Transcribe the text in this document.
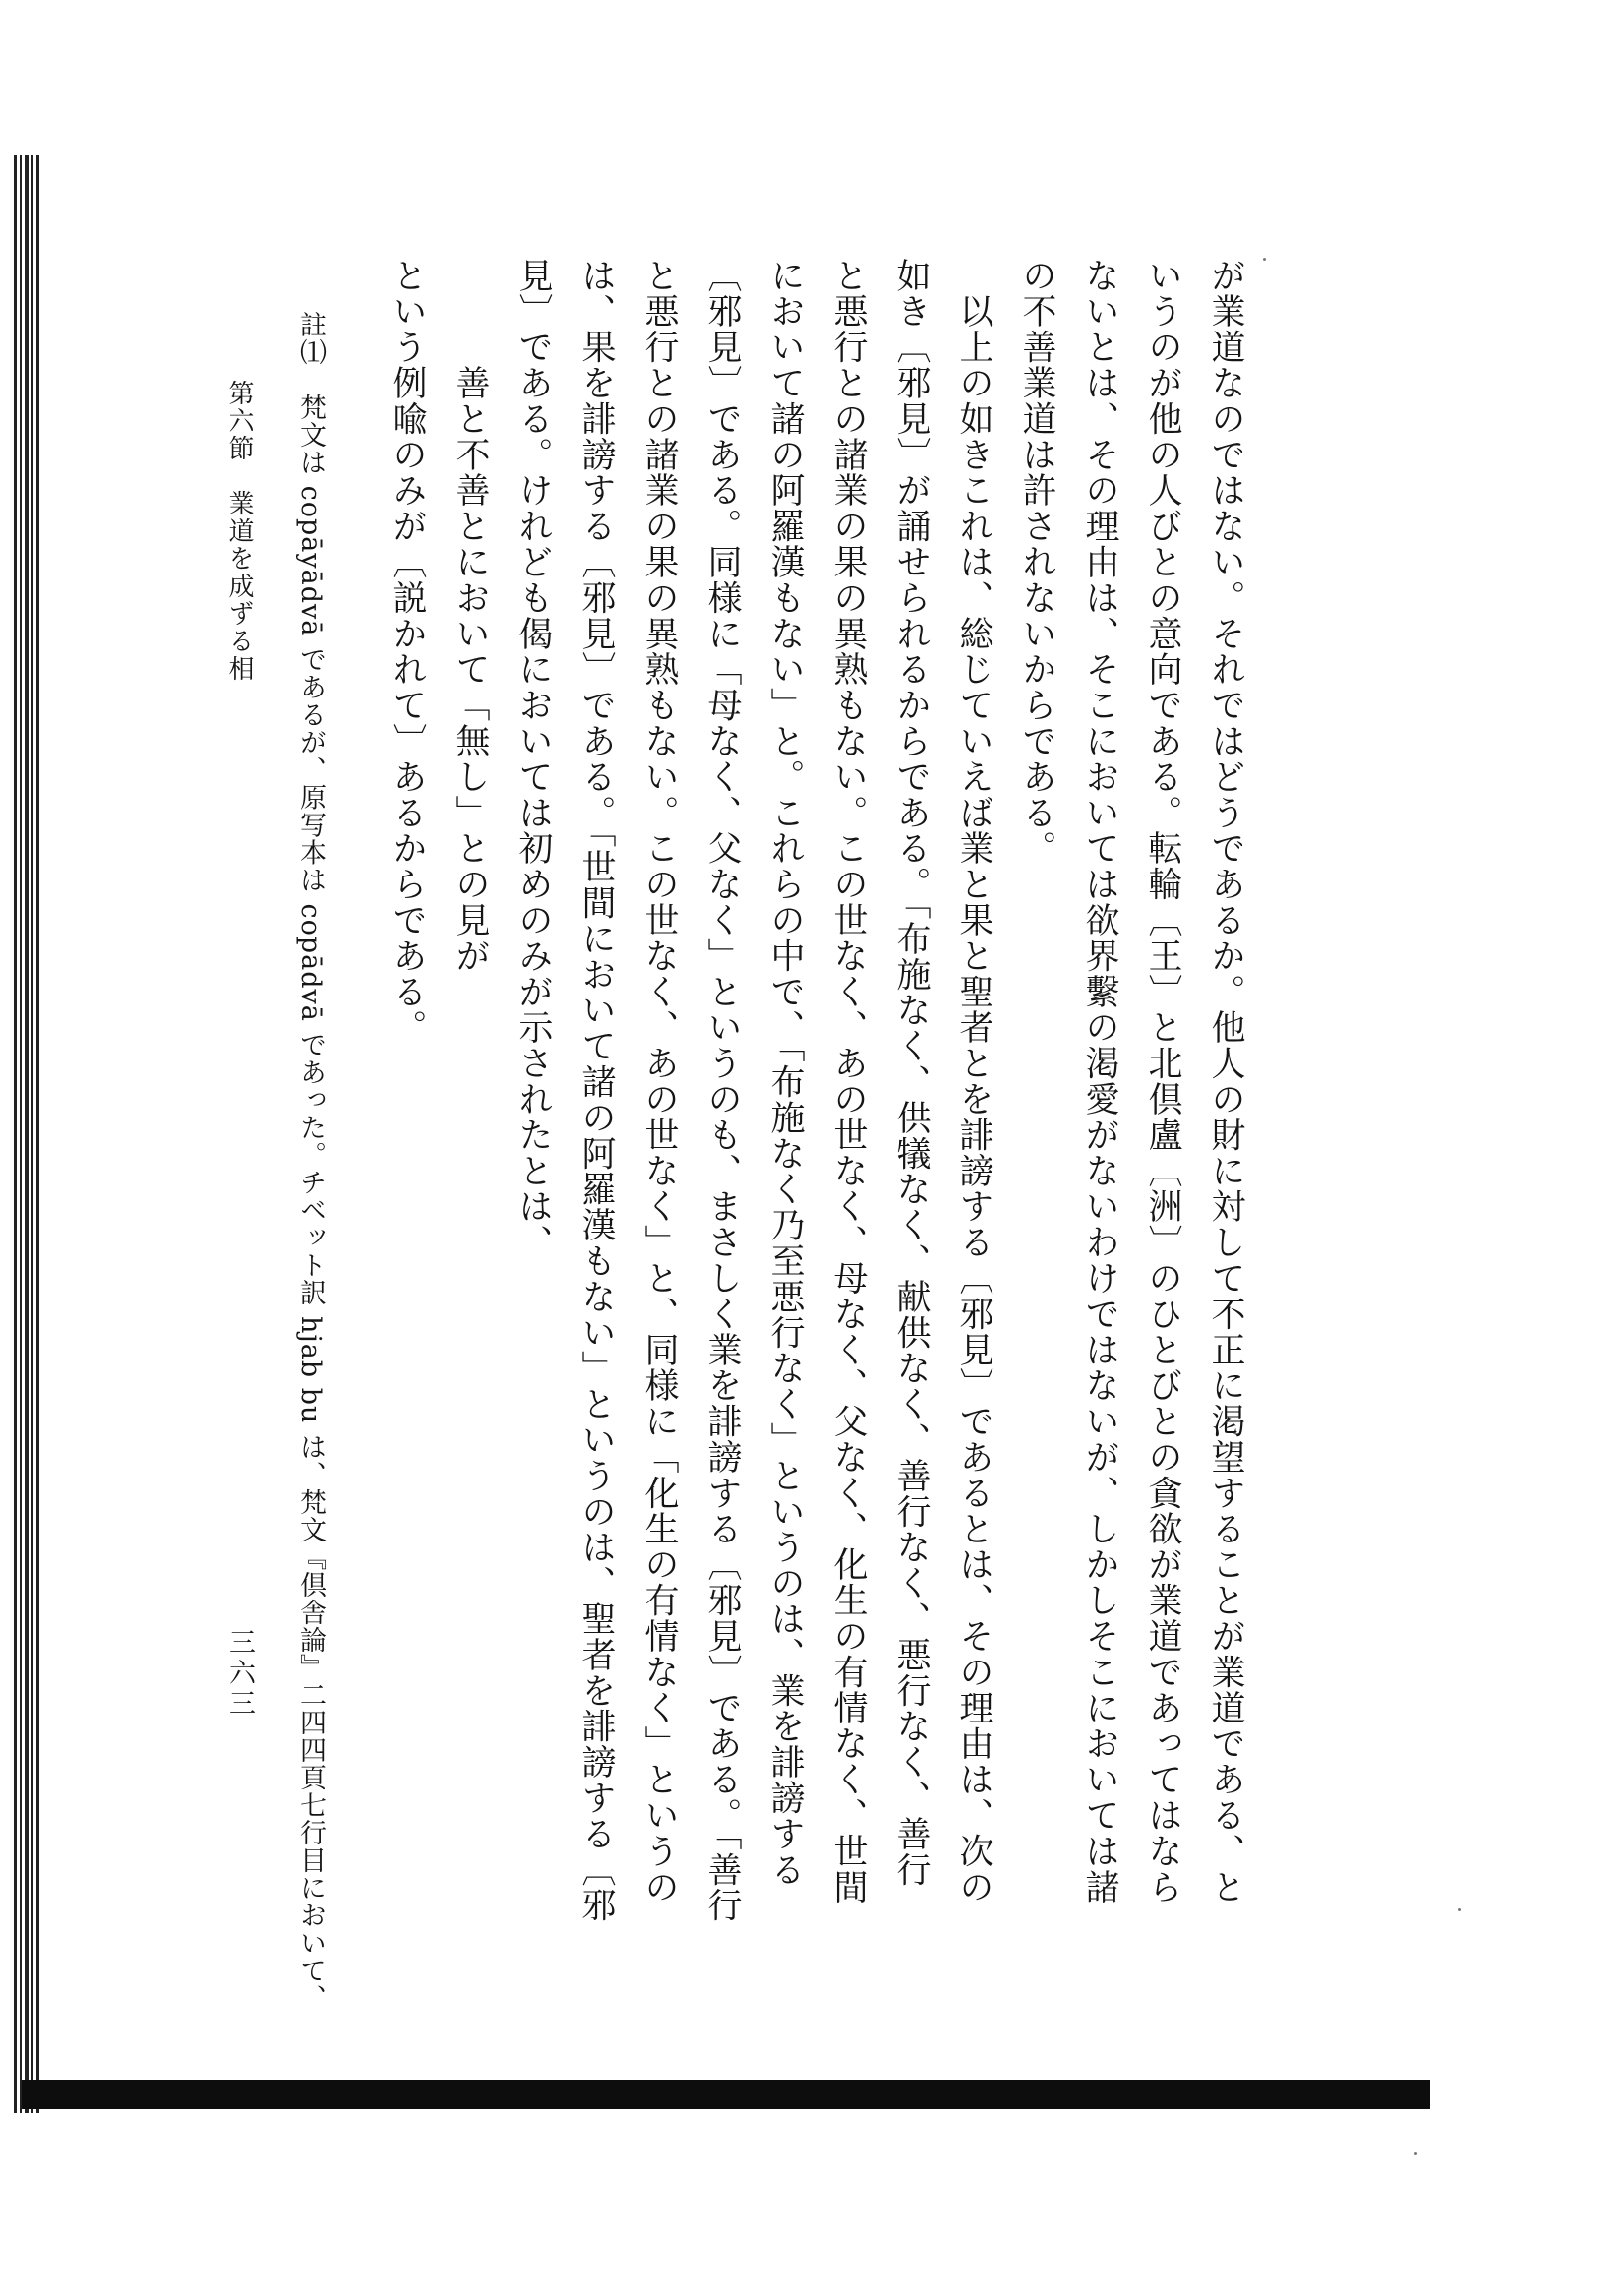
が業道なのではない。それではどうであるか。他人の財に対して不正に渇望することが業道である、と
いうのが他の人びとの意向である。転輪〔王〕と北倶盧〔洲〕のひとびとの貪欲が業道であってはなら
ないとは、その理由は、そこにおいては欲界繫の渇愛がないわけではないが、しかしそこにおいては諸
の不善業道は許されないからである。
　以上の如きこれは、総じていえば業と果と聖者とを誹謗する〔邪見〕であるとは、その理由は、次の
如き〔邪見〕が誦せられるからである。「布施なく、供犠なく、献供なく、善行なく、悪行なく、善行
と悪行との諸業の果の異熟もない。この世なく、あの世なく、母なく、父なく、化生の有情なく、世間
において諸の阿羅漢もない」と。これらの中で、「布施なく乃至悪行なく」というのは、業を誹謗する
〔邪見〕である。同様に「母なく、父なく」というのも、まさしく業を誹謗する〔邪見〕である。「善行
と悪行との諸業の果の異熟もない。この世なく、あの世なく」と、同様に「化生の有情なく」というの
は、果を誹謗する〔邪見〕である。「世間において諸の阿羅漢もない」というのは、聖者を誹謗する〔邪
見〕である。けれども偈においては初めのみが示されたとは、
　　　善と不善とにおいて「無し」との見が
という例喩のみが〔説かれて〕あるからである。
註⑴　梵文は copāyādvā であるが、原写本は copādvā であった。チベット訳 hjab bu は、梵文『倶舎論』二四四頁七行目において、
第六節　業道を成ずる相
三六三
